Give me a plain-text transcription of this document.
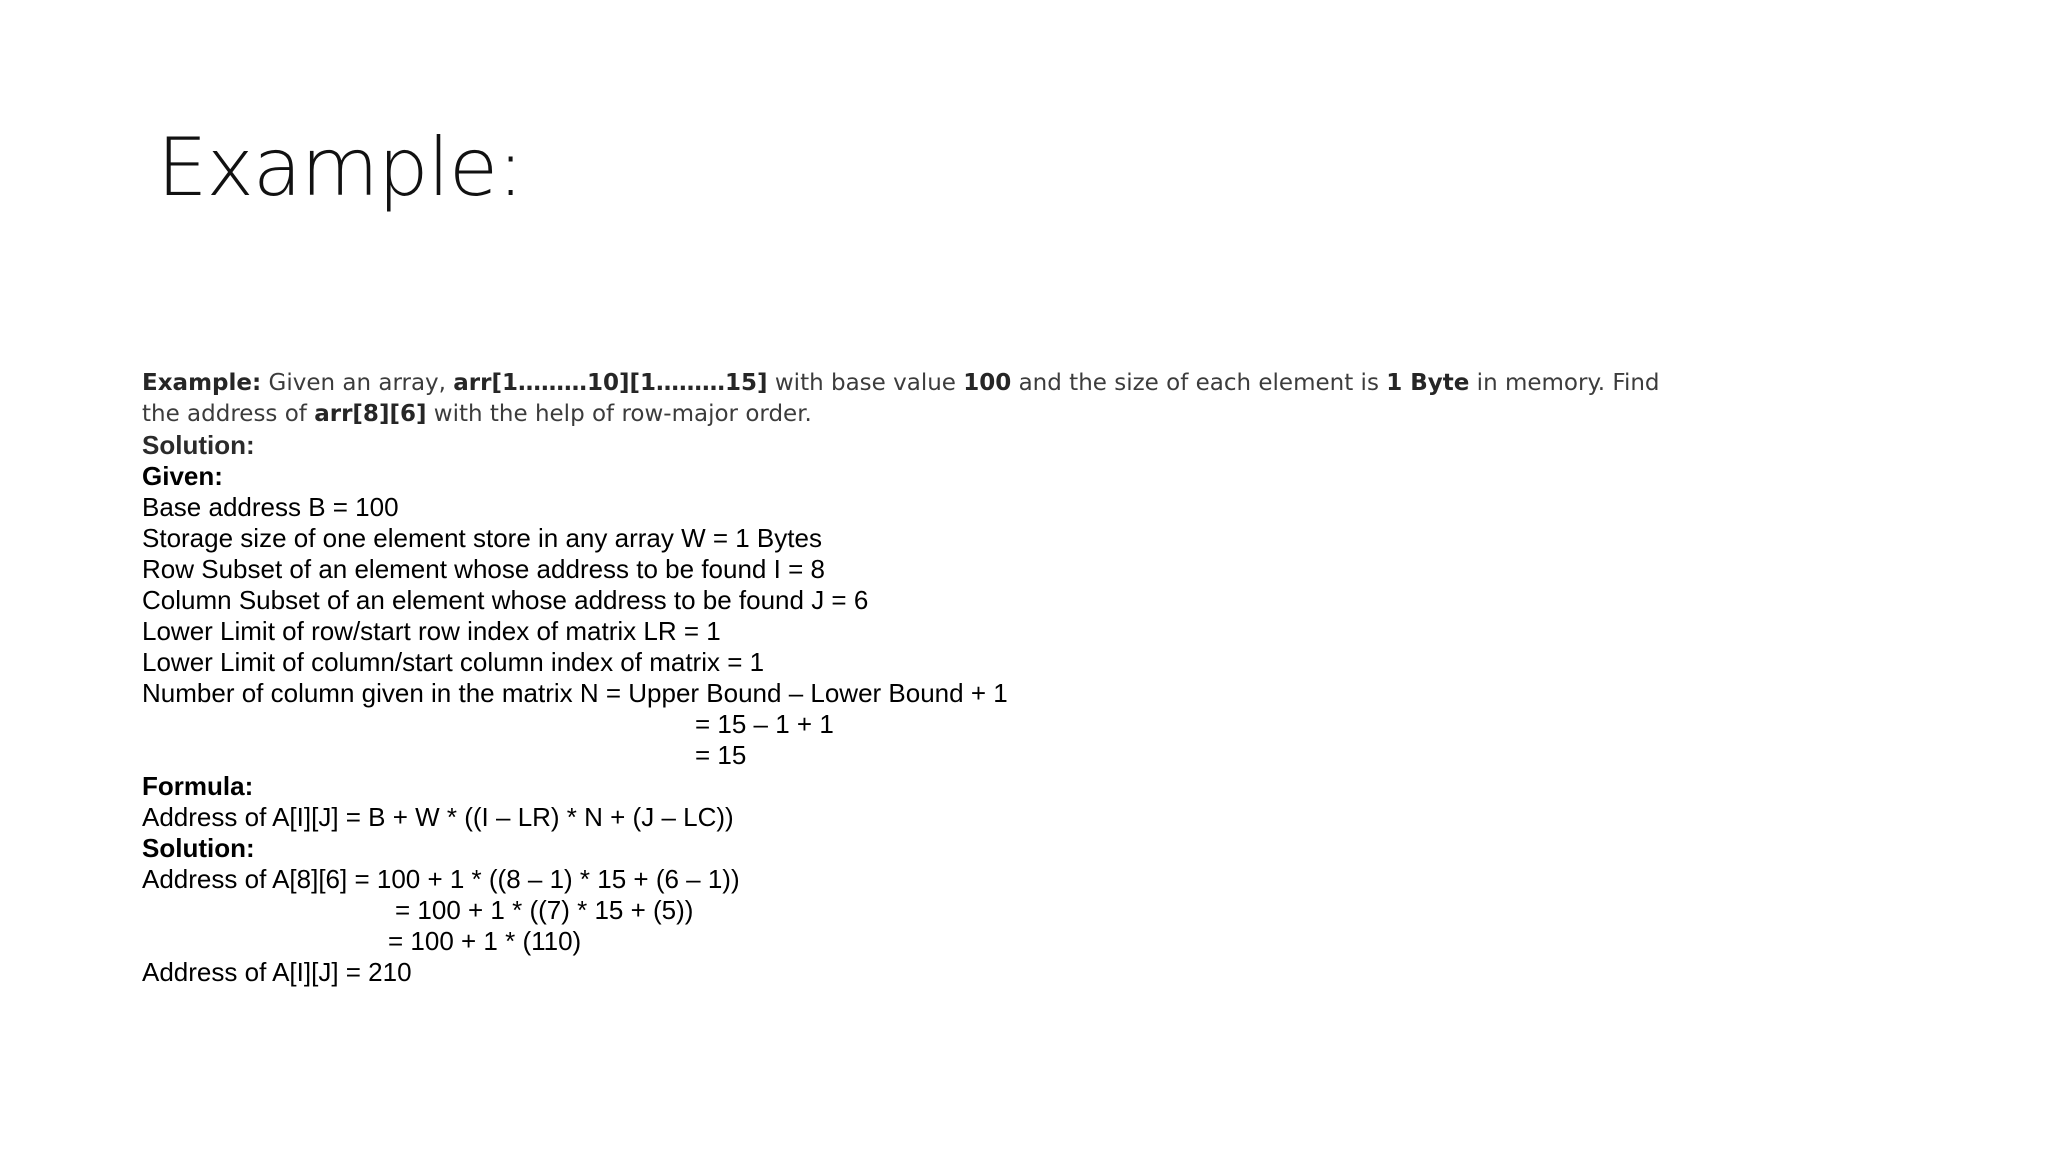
Example:
Example: Given an array, arr[1………10][1………15] with base value 100 and the size of each element is 1 Byte in memory. Find the address of arr[8][6] with the help of row-major order.
Solution:
Given:
Base address B = 100
Storage size of one element store in any array W = 1 Bytes
Row Subset of an element whose address to be found I = 8
Column Subset of an element whose address to be found J = 6
Lower Limit of row/start row index of matrix LR = 1
Lower Limit of column/start column index of matrix = 1
Number of column given in the matrix N = Upper Bound – Lower Bound + 1
= 15 – 1 + 1
= 15
Formula:
Address of A[I][J] = B + W * ((I – LR) * N + (J – LC))
Solution:
Address of A[8][6] = 100 + 1 * ((8 – 1) * 15 + (6 – 1))
= 100 + 1 * ((7) * 15 + (5))
= 100 + 1 * (110)
Address of A[I][J] = 210
